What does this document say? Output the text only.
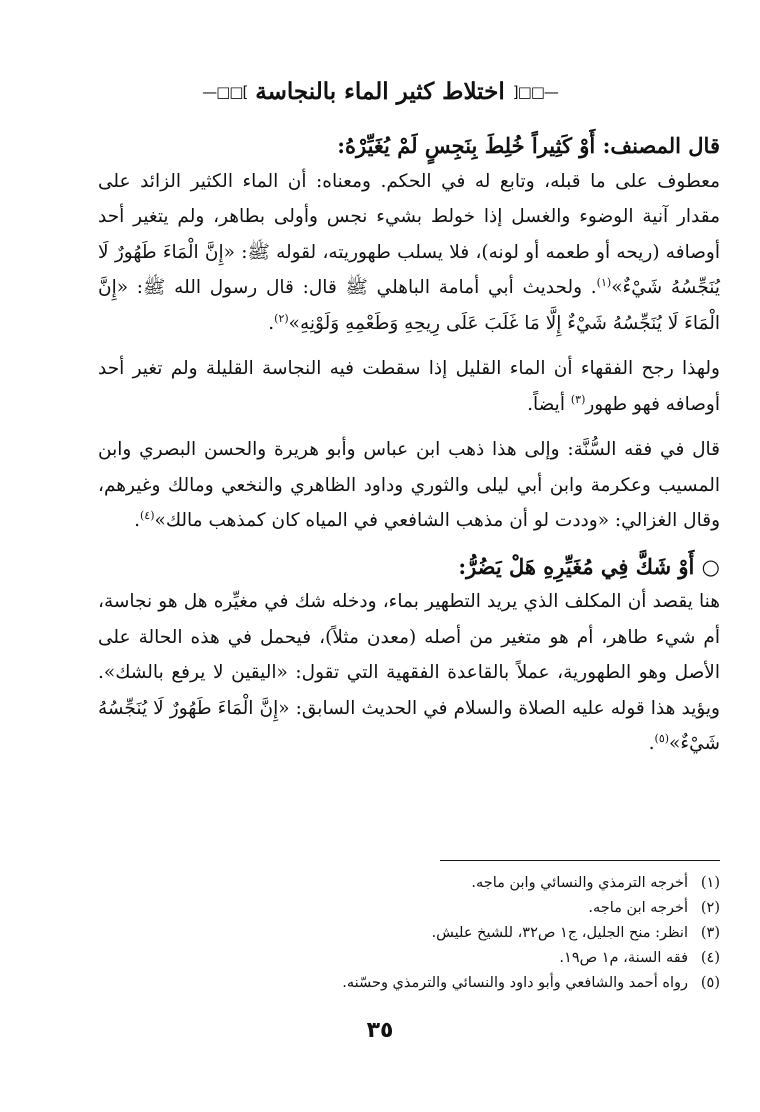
—□□[
اختلاط كثير الماء بالنجاسة
]□□—

قال المصنف: أَوْ كَثِيراً خُلِطَ بِنَجِسٍ لَمْ يُغَيِّرْهُ:

معطوف على ما قبله، وتابع له في الحكم. ومعناه: أن الماء الكثير الزائد على مقدار آنية الوضوء والغسل إذا خولط بشيء نجس وأولى بطاهر، ولم يتغير أحد أوصافه (ريحه أو طعمه أو لونه)، فلا يسلب طهوريته، لقوله ﷺ: «إِنَّ الْمَاءَ طَهُورٌ لَا يُنَجِّسُهُ شَيْءٌ»$^{(١)}$. ولحديث أبي أمامة الباهلي ﷺ قال: قال رسول الله ﷺ: «إِنَّ الْمَاءَ لَا يُنَجِّسُهُ شَيْءٌ إِلَّا مَا غَلَبَ عَلَى رِيحِهِ وَطَعْمِهِ وَلَوْنِهِ»$^{(٢)}$.

ولهذا رجح الفقهاء أن الماء القليل إذا سقطت فيه النجاسة القليلة ولم تغير أحد أوصافه فهو طهور$^{(٣)}$ أيضاً.

قال في فقه السُّنَّة: وإلى هذا ذهب ابن عباس وأبو هريرة والحسن البصري وابن المسيب وعكرمة وابن أبي ليلى والثوري وداود الظاهري والنخعي ومالك وغيرهم، وقال الغزالي: «وددت لو أن مذهب الشافعي في المياه كان كمذهب مالك»$^{(٤)}$.

○ أَوْ شَكَّ فِي مُغَيِّرِهِ هَلْ يَضُرُّ:

هنا يقصد أن المكلف الذي يريد التطهير بماء، ودخله شك في مغيِّره هل هو نجاسة، أم شيء طاهر، أم هو متغير من أصله (معدن مثلاً)، فيحمل في هذه الحالة على الأصل وهو الطهورية، عملاً بالقاعدة الفقهية التي تقول: «اليقين لا يرفع بالشك». ويؤيد هذا قوله عليه الصلاة والسلام في الحديث السابق: «إِنَّ الْمَاءَ طَهُورٌ لَا يُنَجِّسُهُ شَيْءٌ»$^{(٥)}$.

(١)أخرجه الترمذي والنسائي وابن ماجه.
(٢)أخرجه ابن ماجه.
(٣)انظر: منح الجليل، ج١ ص٣٢، للشيخ عليش.
(٤)فقه السنة، م١ ص١٩.
(٥)رواه أحمد والشافعي وأبو داود والنسائي والترمذي وحسّنه.
٣٥
